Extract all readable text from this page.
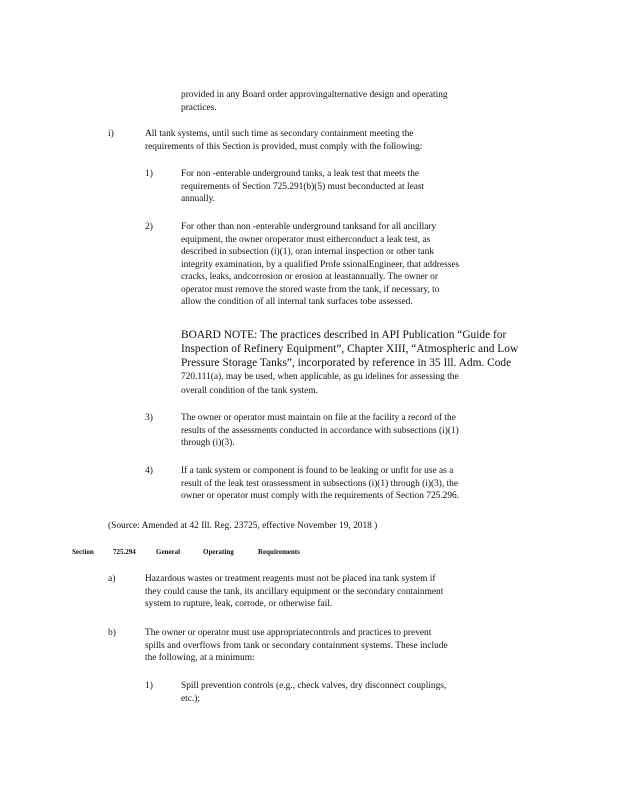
provided in any Board order approvingalternative design and operating
practices.
i)	All tank systems, until such time as secondary containment meeting the
requirements of this Section is provided, must comply with the following:
1)	For non -enterable underground tanks, a leak test that meets the
requirements of Section 725.291(b)(5) must beconducted at least
annually.
2)	For other than non -enterable underground tanksand for all ancillary
equipment, the owner oroperator must eitherconduct a leak test, as
described in subsection (i)(1), oran internal inspection or other tank
integrity examination, by a qualified Profe ssionalEngineer, that addresses
cracks, leaks, andcorrosion or erosion at leastannually. The owner or
operator must remove the stored waste from the tank, if necessary, to
allow the condition of all internal tank surfaces tobe assessed.
BOARD NOTE: The practices described in API Publication “Guide for
Inspection of Refinery Equipment”, Chapter XIII, “Atmospheric and Low
Pressure Storage Tanks”, incorporated by reference in 35 Ill. Adm. Code
720.111(a), may be used, when applicable, as gu idelines for assessing the
overall condition of the tank system.
3)	The owner or operator must maintain on file at the facility a record of the
results of the assessments conducted in accordance with subsections (i)(1)
through (i)(3).
4)	If a tank system or component is found to be leaking or unfit for use as a
result of the leak test orassessment in subsections (i)(1) through (i)(3), the
owner or operator must comply with the requirements of Section 725.296.
(Source: Amended at 42 Ill. Reg. 23725, effective November 19, 2018 )
Section	725.294	General	Operating	Requirements
a)	Hazardous wastes or treatment reagents must not be placed ina tank system if
they could cause the tank, its ancillary equipment or the secondary containment
system to rupture, leak, corrode, or otherwise fail.
b)	The owner or operator must use appropriatecontrols and practices to prevent
spills and overflows from tank or secondary containment systems. These include
the following, at a minimum:
1)	Spill prevention controls (e.g., check valves, dry disconnect couplings,
etc.);
